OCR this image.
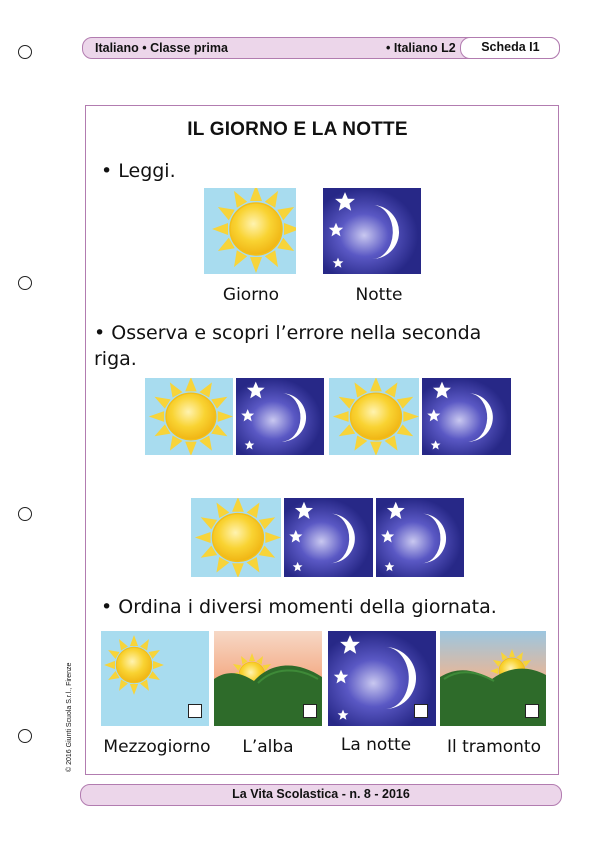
Italiano • Classe prima	• Italiano L2	Scheda I1
IL GIORNO E LA NOTTE
• Leggi.
Giorno	Notte
• Osserva e scopri l’errore nella seconda
riga.
• Ordina i diversi momenti della giornata.
Mezzogiorno	L’alba	La notte	Il tramonto
© 2016 Giunti Scuola S.r.l., Firenze
La Vita Scolastica - n. 8 - 2016
